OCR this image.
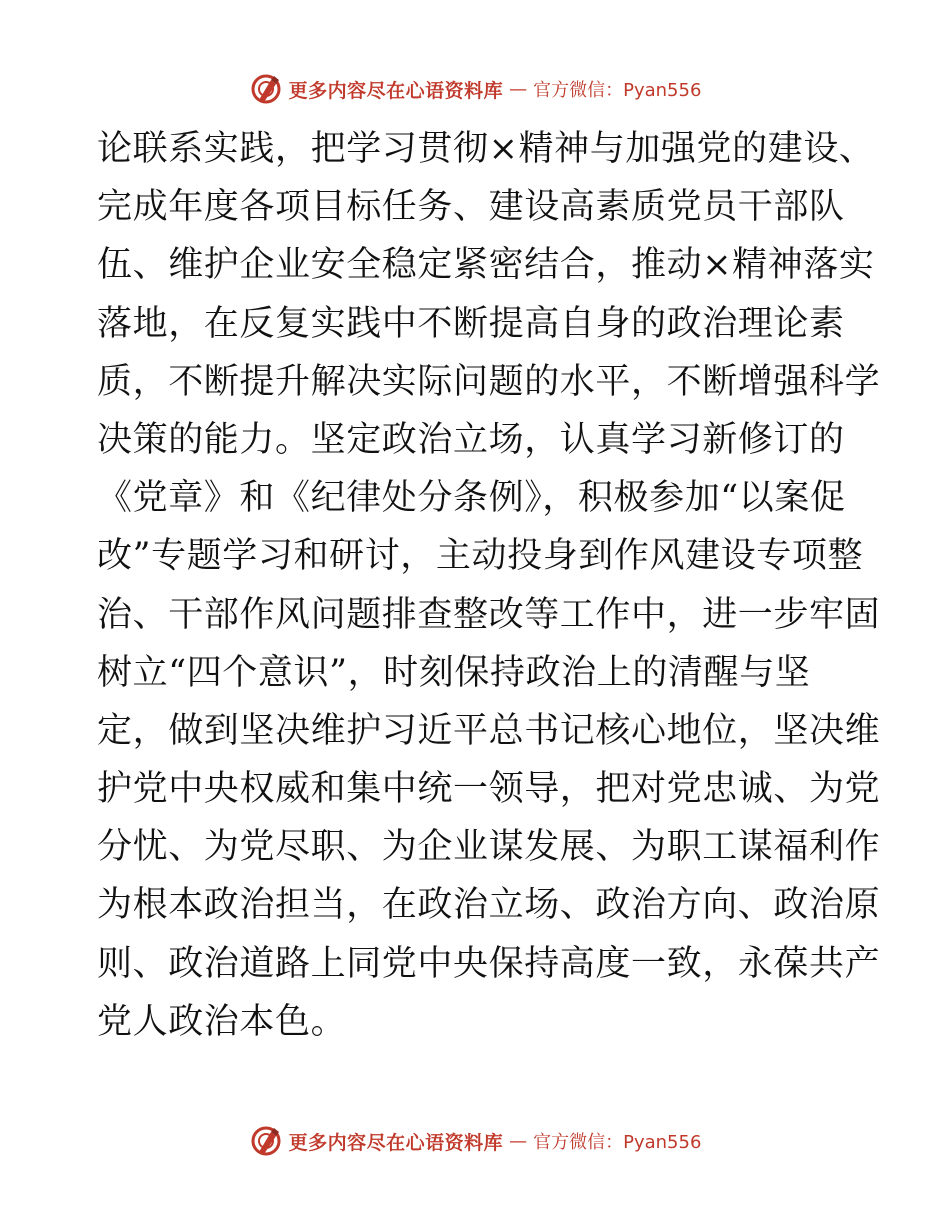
更多内容尽在心语资料库 — 官方微信：Pyan556
论联系实践，把学习贯彻×精神与加强党的建设、
完成年度各项目标任务、建设高素质党员干部队
伍、维护企业安全稳定紧密结合，推动×精神落实
落地，在反复实践中不断提高自身的政治理论素
质，不断提升解决实际问题的水平，不断增强科学
决策的能力。坚定政治立场，认真学习新修订的
《党章》和《纪律处分条例》，积极参加“以案促
改”专题学习和研讨，主动投身到作风建设专项整
治、干部作风问题排查整改等工作中，进一步牢固
树立“四个意识”，时刻保持政治上的清醒与坚
定，做到坚决维护习近平总书记核心地位，坚决维
护党中央权威和集中统一领导，把对党忠诚、为党
分忧、为党尽职、为企业谋发展、为职工谋福利作
为根本政治担当，在政治立场、政治方向、政治原
则、政治道路上同党中央保持高度一致，永葆共产
党人政治本色。
更多内容尽在心语资料库 — 官方微信：Pyan556
